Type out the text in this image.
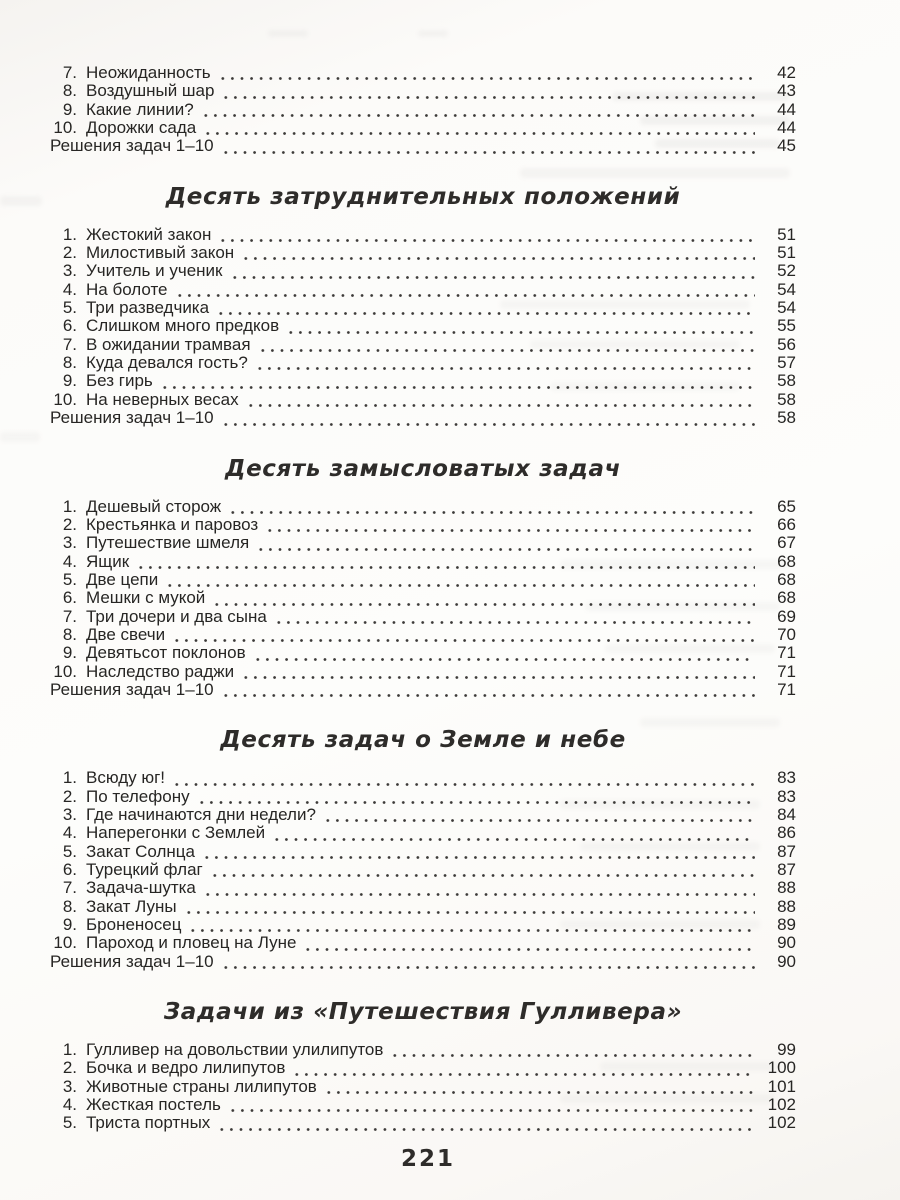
7. Неожиданность	42
8. Воздушный шар	43
9. Какие линии?	44
10. Дорожки сада	44
Решения задач 1–10	45
Десять затруднительных положений
1. Жестокий закон	51
2. Милостивый закон	51
3. Учитель и ученик	52
4. На болоте	54
5. Три разведчика	54
6. Слишком много предков	55
7. В ожидании трамвая	56
8. Куда девался гость?	57
9. Без гирь	58
10. На неверных весах	58
Решения задач 1–10	58
Десять замысловатых задач
1. Дешевый сторож	65
2. Крестьянка и паровоз	66
3. Путешествие шмеля	67
4. Ящик	68
5. Две цепи	68
6. Мешки с мукой	68
7. Три дочери и два сына	69
8. Две свечи	70
9. Девятьсот поклонов	71
10. Наследство раджи	71
Решения задач 1–10	71
Десять задач о Земле и небе
1. Всюду юг!	83
2. По телефону	83
3. Где начинаются дни недели?	84
4. Наперегонки с Землей	86
5. Закат Солнца	87
6. Турецкий флаг	87
7. Задача-шутка	88
8. Закат Луны	88
9. Броненосец	89
10. Пароход и пловец на Луне	90
Решения задач 1–10	90
Задачи из «Путешествия Гулливера»
1. Гулливер на довольствии улилипутов	99
2. Бочка и ведро лилипутов	100
3. Животные страны лилипутов	101
4. Жесткая постель	102
5. Триста портных	102
221
